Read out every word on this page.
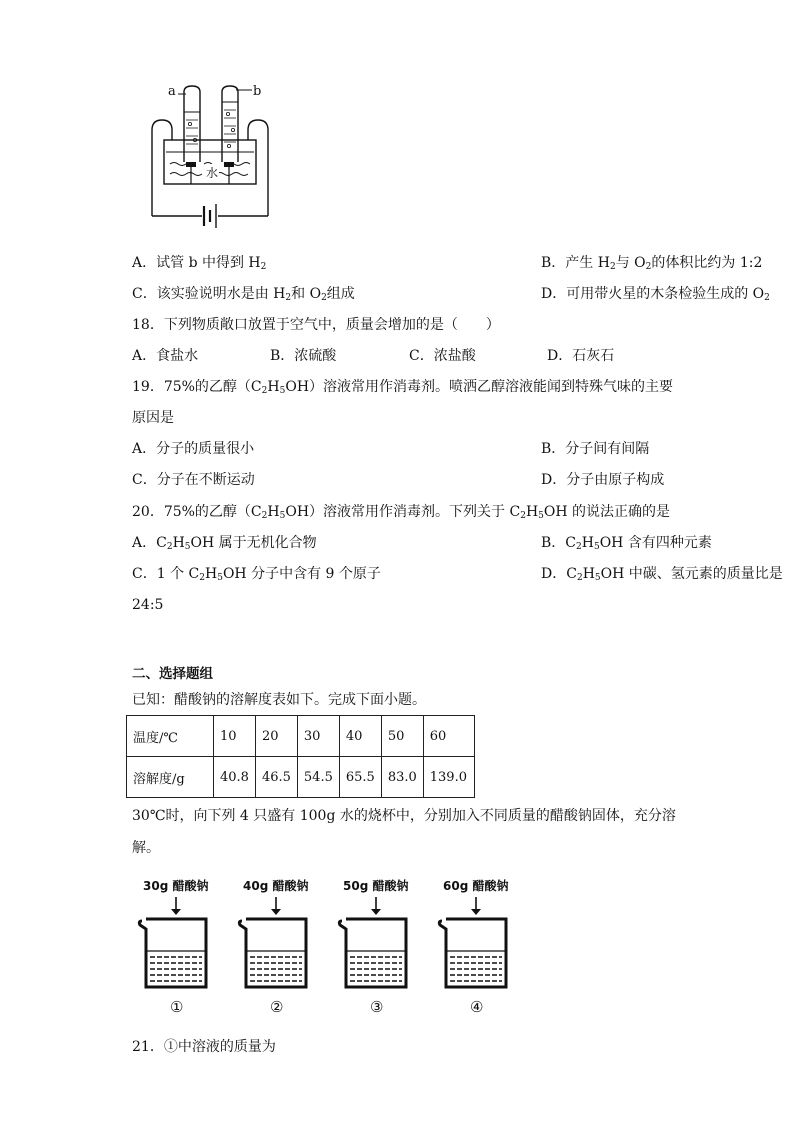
a	b
水
A．试管 b 中得到 $H_2$	B．产生 $H_2$与 $O_2$的体积比约为 1:2
C．该实验说明水是由 $H_2$和 $O_2$组成	D．可用带火星的木条检验生成的 $O_2$
18．下列物质敞口放置于空气中，质量会增加的是（　　）
A．食盐水	B．浓硫酸	C．浓盐酸	D．石灰石
19．75%的乙醇$(C_2H_5OH)$溶液常用作消毒剂。喷洒乙醇溶液能闻到特殊气味的主要
原因是
A．分子的质量很小	B．分子间有间隔
C．分子在不断运动	D．分子由原子构成
20．75%的乙醇$(C_2H_5OH)$溶液常用作消毒剂。下列关于 $C_2H_5OH$ 的说法正确的是
A．$C_2H_5OH$ 属于无机化合物	B．$C_2H_5OH$ 含有四种元素
C．1 个 $C_2H_5OH$ 分子中含有 9 个原子	D．$C_2H_5OH$ 中碳、氢元素的质量比是
24:5
二、选择题组
已知：醋酸钠的溶解度表如下。完成下面小题。
温度/℃	10	20	30	40	50	60
溶解度/g	40.8	46.5	54.5	65.5	83.0	139.0
30℃时，向下列 4 只盛有 100g 水的烧杯中，分别加入不同质量的醋酸钠固体，充分溶
解。
30g 醋酸钠	40g 醋酸钠	50g 醋酸钠	60g 醋酸钠
①	②	③	④
21．①中溶液的质量为
